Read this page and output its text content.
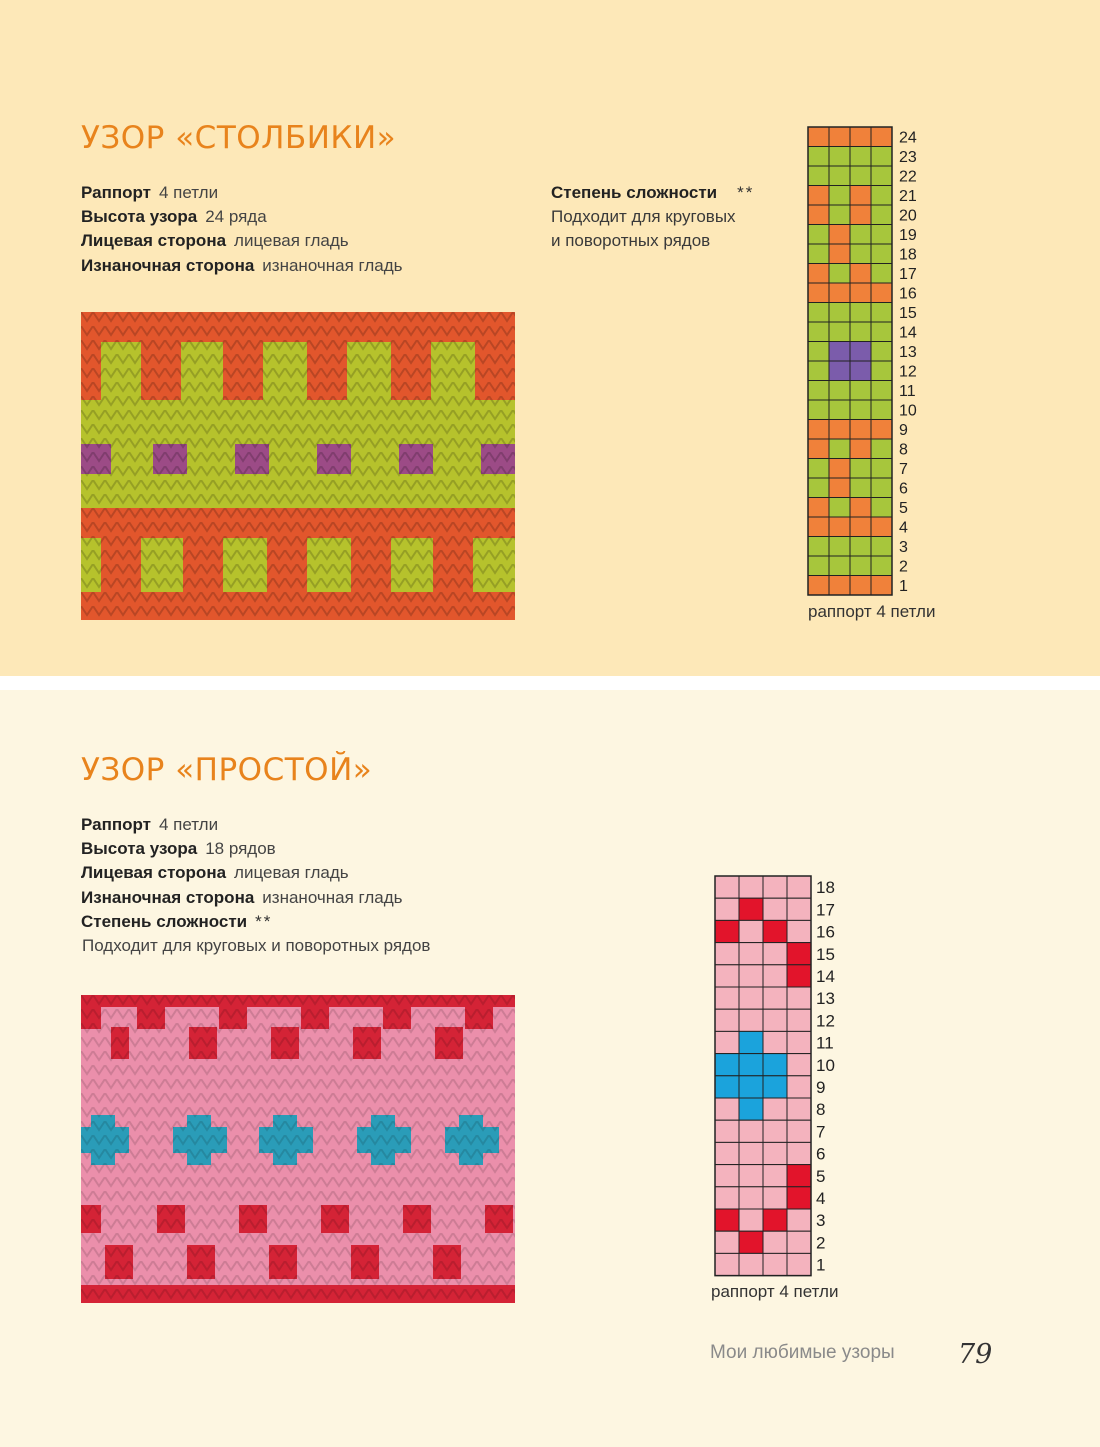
УЗОР «СТОЛБИКИ»
Раппорт 4 петли
Высота узора 24 ряда
Лицевая сторона лицевая гладь
Изнаночная сторона изнаночная гладь
Степень сложности **
Подходит для круговых
и поворотных рядов
24
23
22
21
20
19
18
17
16
15
14
13
12
11
10
9
8
7
6
5
4
3
2
1
раппорт 4 петли
УЗОР «ПРОСТОЙ»
Раппорт 4 петли
Высота узора 18 рядов
Лицевая сторона лицевая гладь
Изнаночная сторона изнаночная гладь
Степень сложности **
Подходит для круговых и поворотных рядов
18
17
16
15
14
13
12
11
10
9
8
7
6
5
4
3
2
1
раппорт 4 петли
Мои любимые узоры 79
